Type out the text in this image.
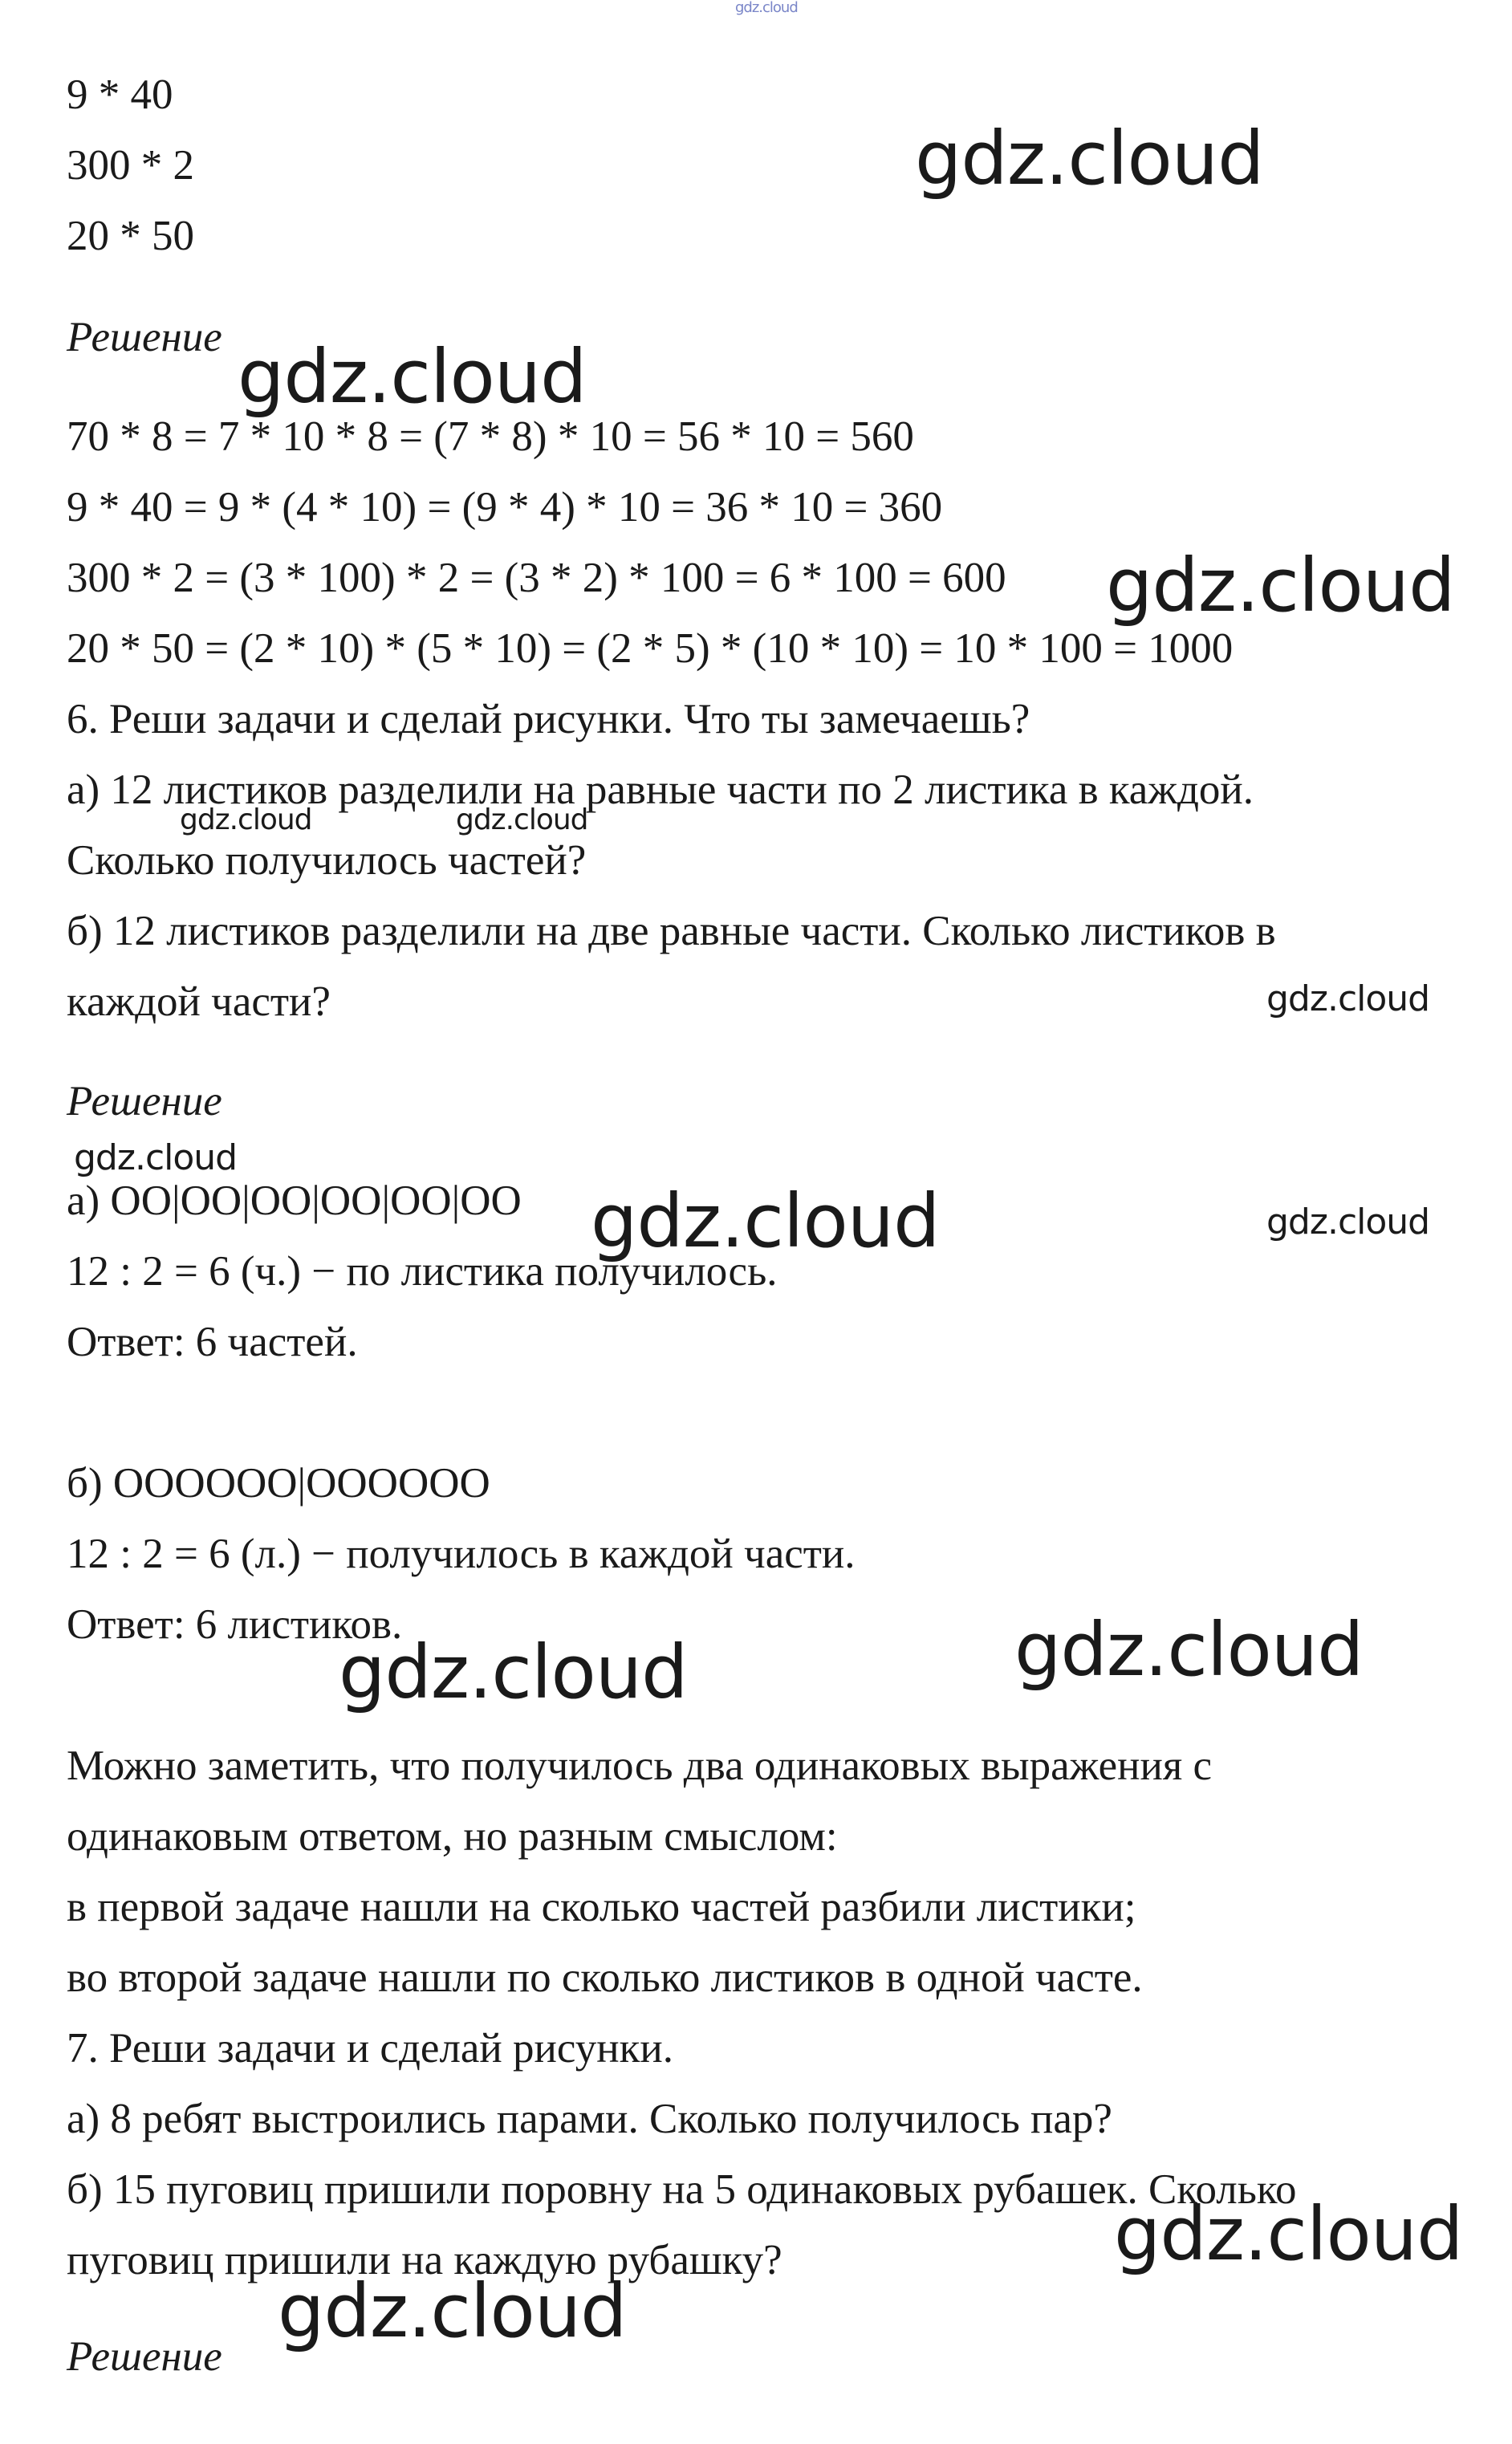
gdz.cloud
9 * 40
300 * 2
20 * 50
Решение
70 * 8 = 7 * 10 * 8 = (7 * 8) * 10 = 56 * 10 = 560
9 * 40 = 9 * (4 * 10) = (9 * 4) * 10 = 36 * 10 = 360
300 * 2 = (3 * 100) * 2 = (3 * 2) * 100 = 6 * 100 = 600
20 * 50 = (2 * 10) * (5 * 10) = (2 * 5) * (10 * 10) = 10 * 100 = 1000
6. Реши задачи и сделай рисунки. Что ты замечаешь?
а) 12 листиков разделили на равные части по 2 листика в каждой.
Сколько получилось частей?
б) 12 листиков разделили на две равные части. Сколько листиков в
каждой части?
Решение
а) ОО|ОО|ОО|ОО|ОО|ОО
12 : 2 = 6 (ч.) − по листика получилось.
Ответ: 6 частей.
б) ОООООО|ОООООО
12 : 2 = 6 (л.) − получилось в каждой части.
Ответ: 6 листиков.
Можно заметить, что получилось два одинаковых выражения с
одинаковым ответом, но разным смыслом:
в первой задаче нашли на сколько частей разбили листики;
во второй задаче нашли по сколько листиков в одной часте.
7. Реши задачи и сделай рисунки.
а) 8 ребят выстроились парами. Сколько получилось пар?
б) 15 пуговиц пришили поровну на 5 одинаковых рубашек. Сколько
пуговиц пришили на каждую рубашку?
Решение
gdz.cloud
gdz.cloud
gdz.cloud
gdz.cloud	gdz.cloud
gdz.cloud
gdz.cloud
gdz.cloud	gdz.cloud
gdz.cloud	gdz.cloud
gdz.cloud
gdz.cloud
